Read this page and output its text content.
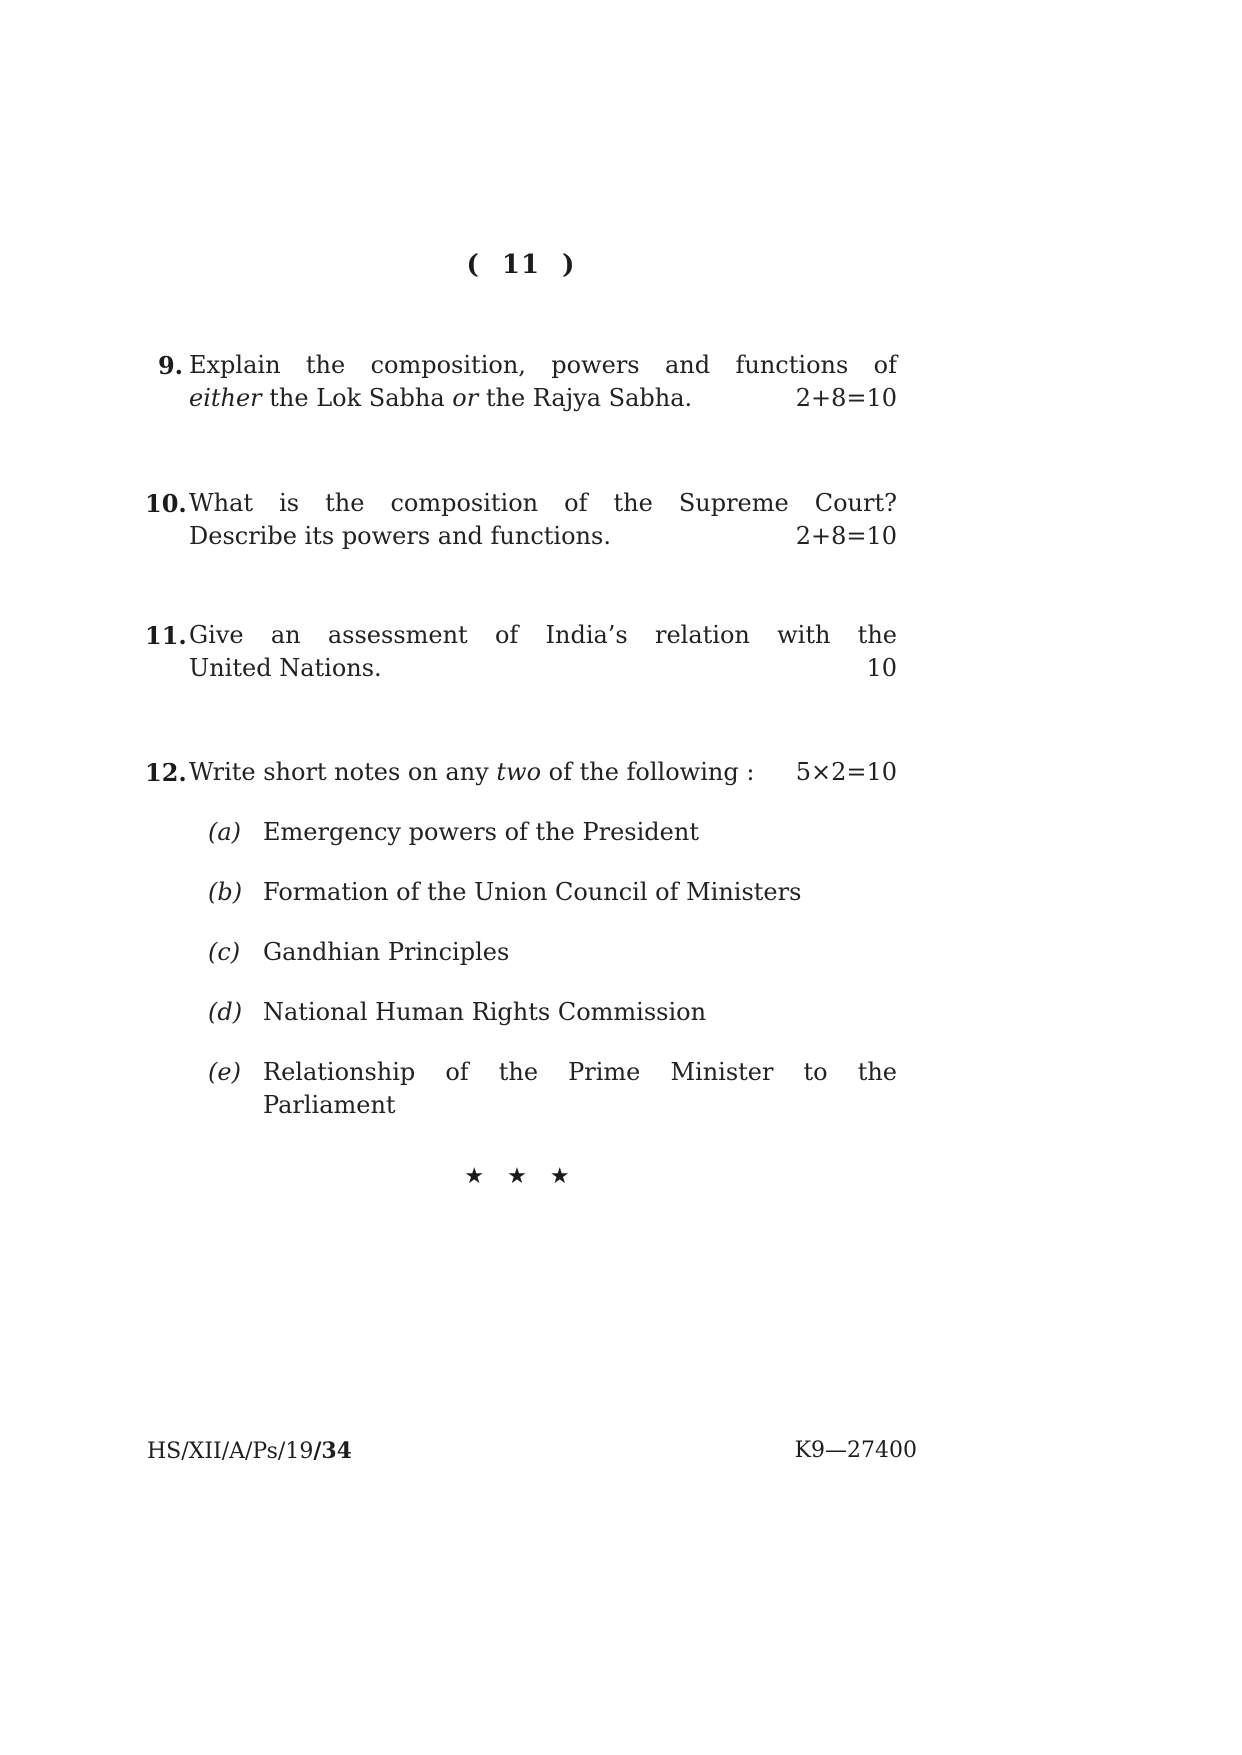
( 11 )
9. Explain the composition, powers and functions of
either the Lok Sabha or the Rajya Sabha.	2+8=10
10. What is the composition of the Supreme Court?
Describe its powers and functions.	2+8=10
11. Give an assessment of India’s relation with the
United Nations.	10
12. Write short notes on any two of the following : 5×2=10
(a) Emergency powers of the President
(b) Formation of the Union Council of Ministers
(c) Gandhian Principles
(d) National Human Rights Commission
(e) Relationship of the Prime Minister to the
Parliament
★ ★ ★
HS/XII/A/Ps/19/34	K9—27400
